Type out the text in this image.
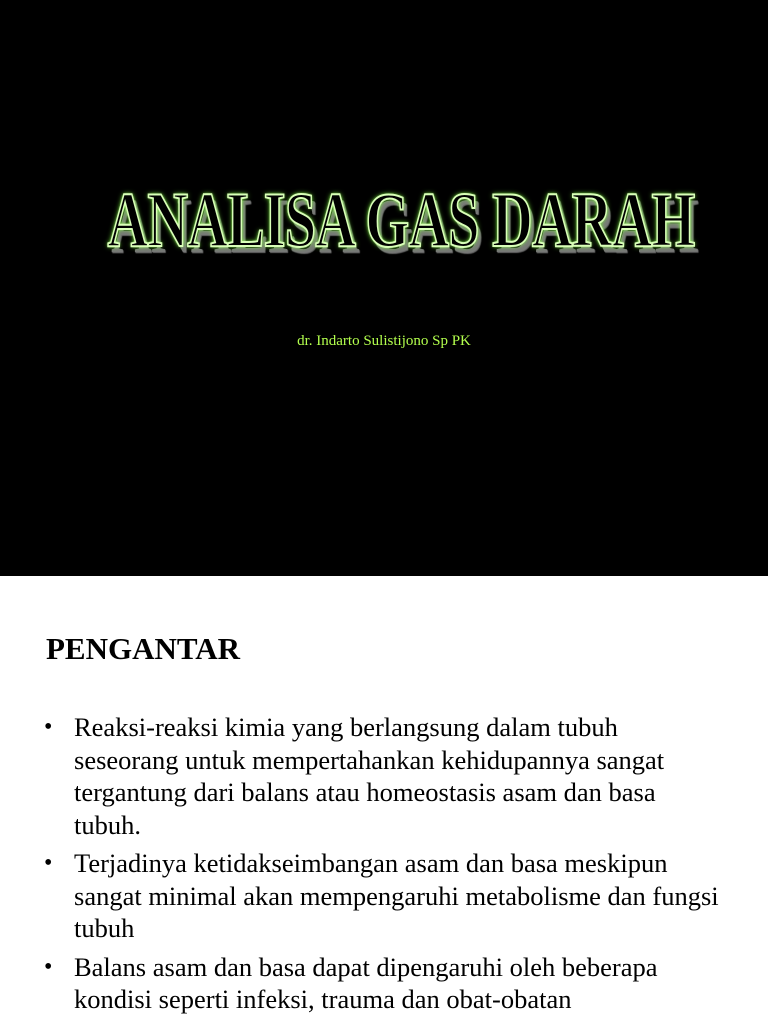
ANALISA GAS DARAH
dr. Indarto Sulistijono Sp PK
PENGANTAR
• Reaksi-reaksi kimia yang berlangsung dalam tubuh seseorang untuk mempertahankan kehidupannya sangat tergantung dari balans atau homeostasis asam dan basa tubuh.
• Terjadinya ketidakseimbangan asam dan basa meskipun sangat minimal akan mempengaruhi metabolisme dan fungsi tubuh
• Balans asam dan basa dapat dipengaruhi oleh beberapa kondisi seperti infeksi, trauma dan obat-obatan
